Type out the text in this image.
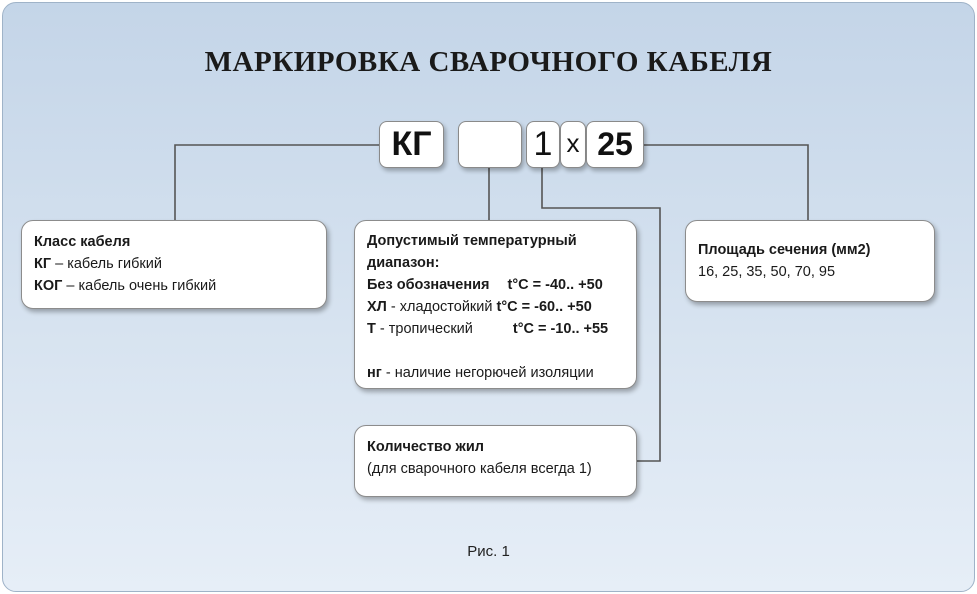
МАРКИРОВКА СВАРОЧНОГО КАБЕЛЯ
КГ	1 x 25
Класс кабеля
КГ – кабель гибкий
КОГ – кабель очень гибкий
Допустимый температурный
диапазон:
Без обозначения t°C = -40.. +50
ХЛ - хладостойкий t°C = -60.. +50
Т - тропический    t°C = -10.. +55
нг - наличие негорючей изоляции
Количество жил
(для сварочного кабеля всегда 1)
Площадь сечения (мм2)
16, 25, 35, 50, 70, 95
Рис. 1
